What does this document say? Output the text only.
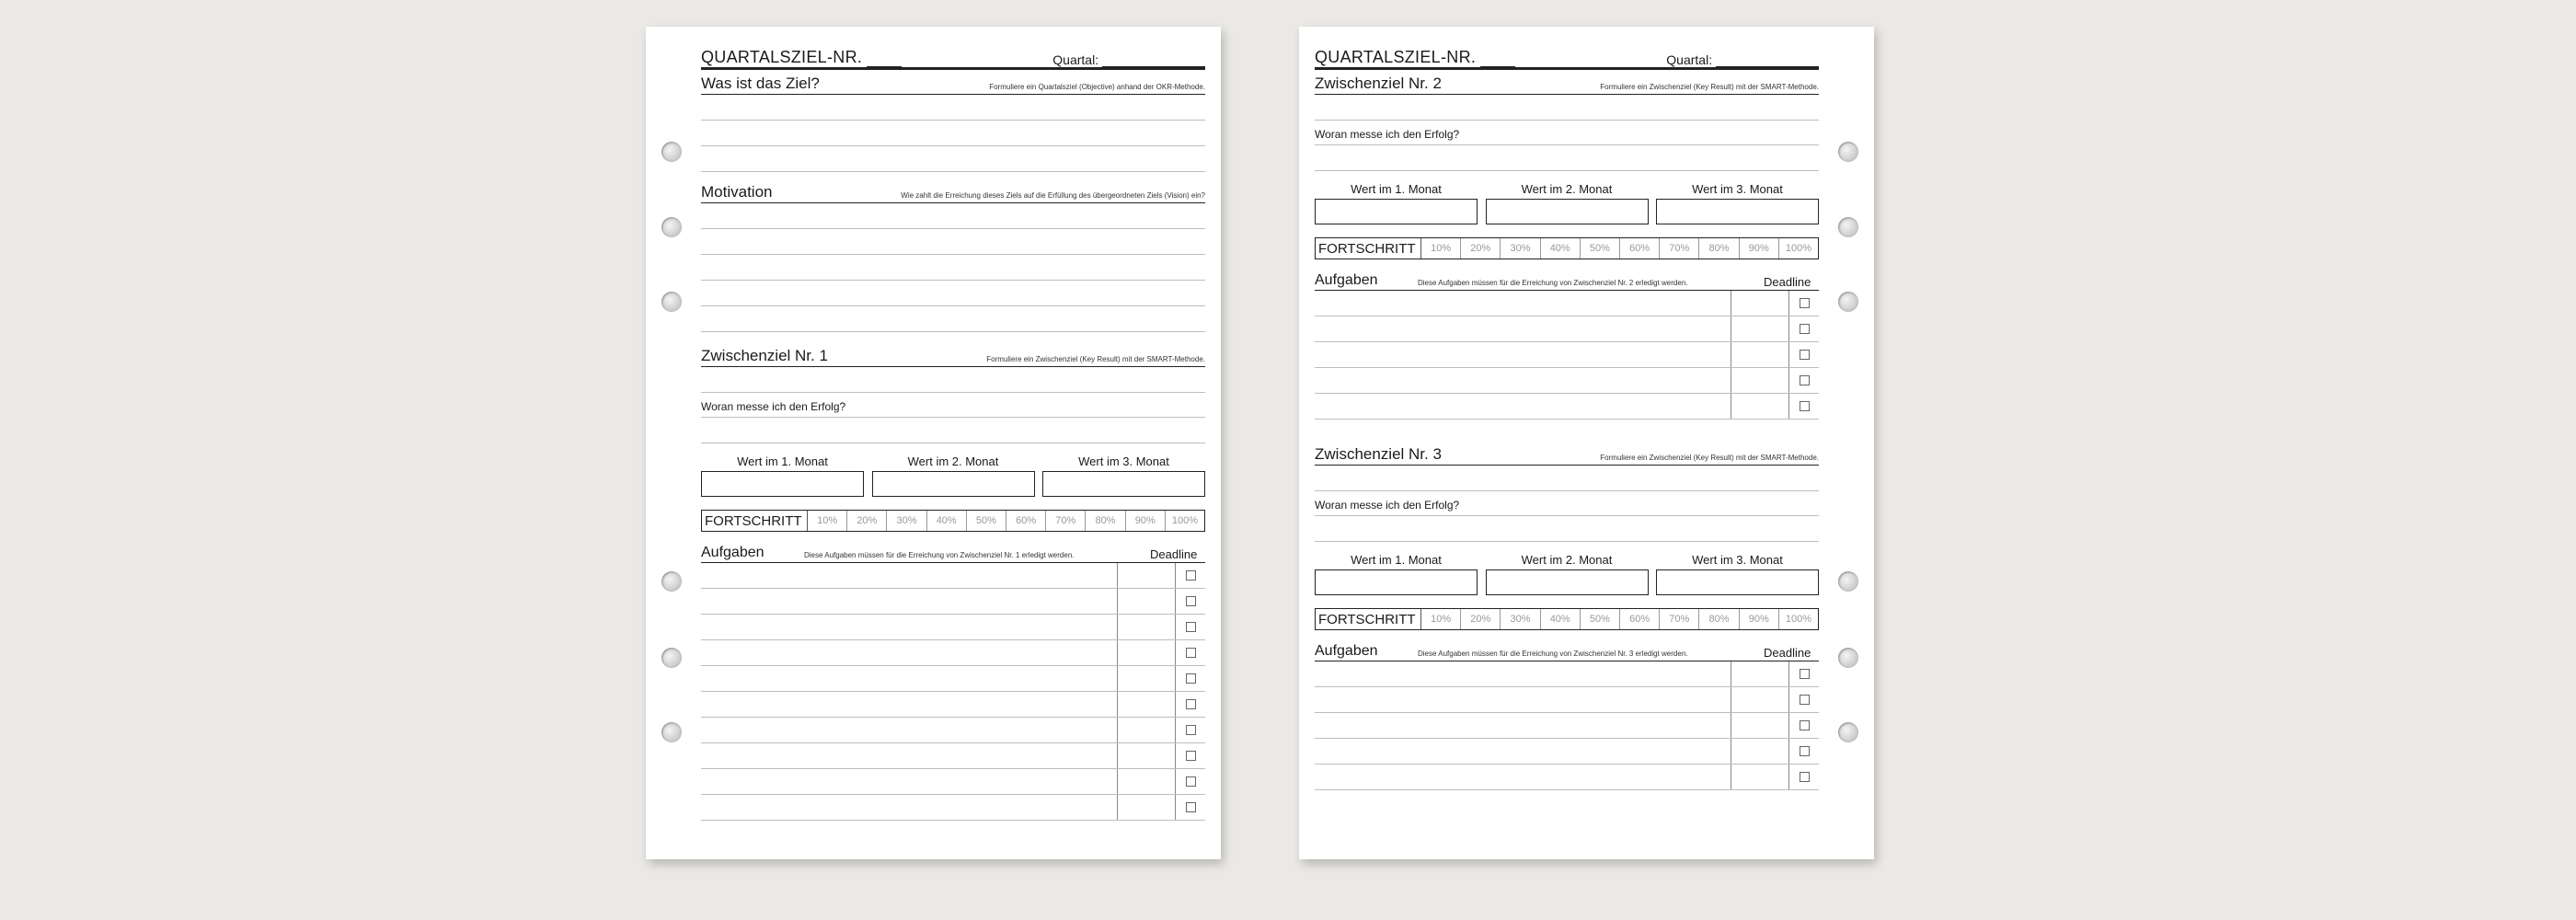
QUARTALSZIEL-NR.	Quartal:
Was ist das Ziel?	Formuliere ein Quartalsziel (Objective) anhand der OKR-Methode.
Motivation	Wie zahlt die Erreichung dieses Ziels auf die Erfüllung des übergeordneten Ziels (Vision) ein?
Zwischenziel Nr. 1	Formuliere ein Zwischenziel (Key Result) mit der SMART-Methode.
Woran messe ich den Erfolg?
Wert im 1. Monat	Wert im 2. Monat	Wert im 3. Monat
FORTSCHRITT	10%	20%	30%	40%	50%	60%	70%	80%	90%	100%
Aufgaben	Diese Aufgaben müssen für die Erreichung von Zwischenziel Nr. 1 erledigt werden.	Deadline
QUARTALSZIEL-NR.	Quartal:
Zwischenziel Nr. 2	Formuliere ein Zwischenziel (Key Result) mit der SMART-Methode.
Woran messe ich den Erfolg?
Wert im 1. Monat	Wert im 2. Monat	Wert im 3. Monat
FORTSCHRITT	10%	20%	30%	40%	50%	60%	70%	80%	90%	100%
Aufgaben	Diese Aufgaben müssen für die Erreichung von Zwischenziel Nr. 2 erledigt werden.	Deadline
Zwischenziel Nr. 3	Formuliere ein Zwischenziel (Key Result) mit der SMART-Methode.
Woran messe ich den Erfolg?
Wert im 1. Monat	Wert im 2. Monat	Wert im 3. Monat
FORTSCHRITT	10%	20%	30%	40%	50%	60%	70%	80%	90%	100%
Aufgaben	Diese Aufgaben müssen für die Erreichung von Zwischenziel Nr. 3 erledigt werden.	Deadline
